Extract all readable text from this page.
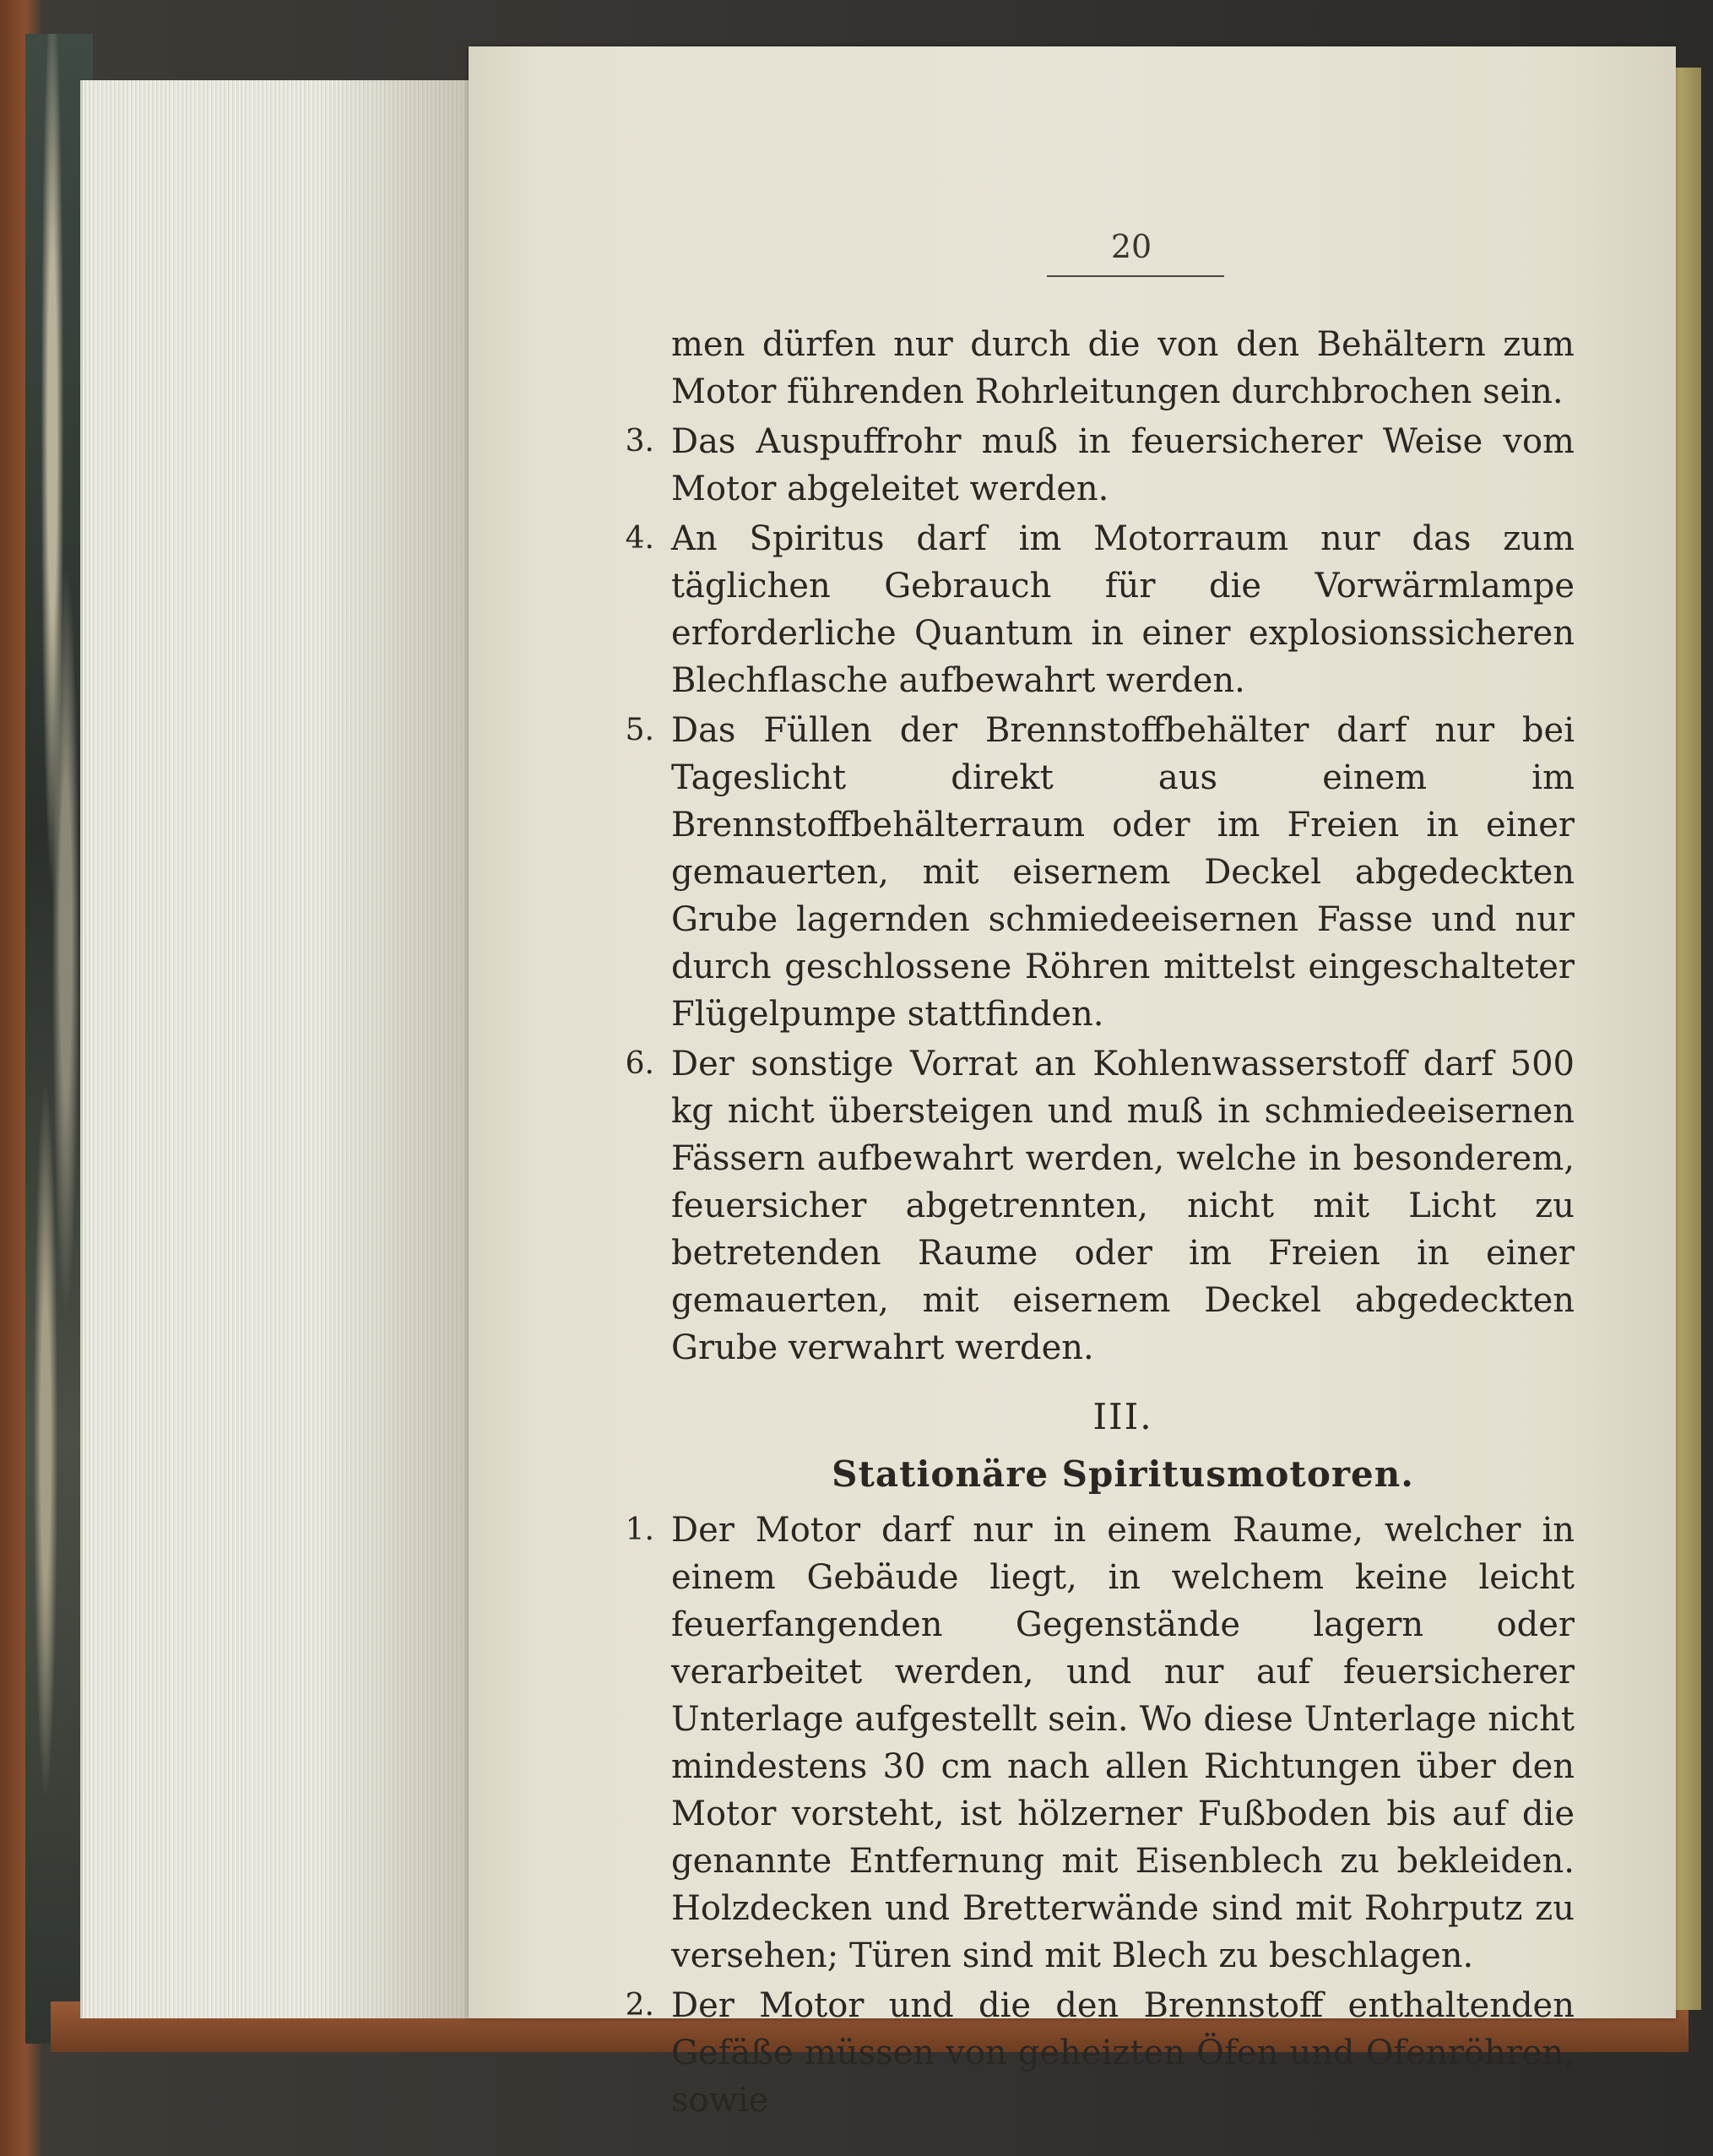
20
men dürfen nur durch die von den Behältern zum Motor führenden Rohrleitungen durchbrochen sein.
3. Das Auspuffrohr muß in feuersicherer Weise vom Motor abgeleitet werden.
4. An Spiritus darf im Motorraum nur das zum täglichen Gebrauch für die Vorwärmlampe erforderliche Quantum in einer explosionssicheren Blechflasche aufbewahrt werden.
5. Das Füllen der Brennstoffbehälter darf nur bei Tageslicht direkt aus einem im Brennstoffbehälterraum oder im Freien in einer gemauerten, mit eisernem Deckel abgedeckten Grube lagernden schmiedeeisernen Fasse und nur durch geschlossene Röhren mittelst eingeschalteter Flügelpumpe stattfinden.
6. Der sonstige Vorrat an Kohlenwasserstoff darf 500 kg nicht übersteigen und muß in schmiedeeisernen Fässern aufbewahrt werden, welche in besonderem, feuersicher abgetrennten, nicht mit Licht zu betretenden Raume oder im Freien in einer gemauerten, mit eisernem Deckel abgedeckten Grube verwahrt werden.
III.
Stationäre Spiritusmotoren.
1. Der Motor darf nur in einem Raume, welcher in einem Gebäude liegt, in welchem keine leicht feuerfangenden Gegenstände lagern oder verarbeitet werden, und nur auf feuersicherer Unterlage aufgestellt sein. Wo diese Unterlage nicht mindestens 30 cm nach allen Richtungen über den Motor vorsteht, ist hölzerner Fußboden bis auf die genannte Entfernung mit Eisenblech zu bekleiden. Holzdecken und Bretterwände sind mit Rohrputz zu versehen; Türen sind mit Blech zu beschlagen.
2. Der Motor und die den Brennstoff enthaltenden Gefäße müssen von geheizten Öfen und Ofenröhren, sowie
